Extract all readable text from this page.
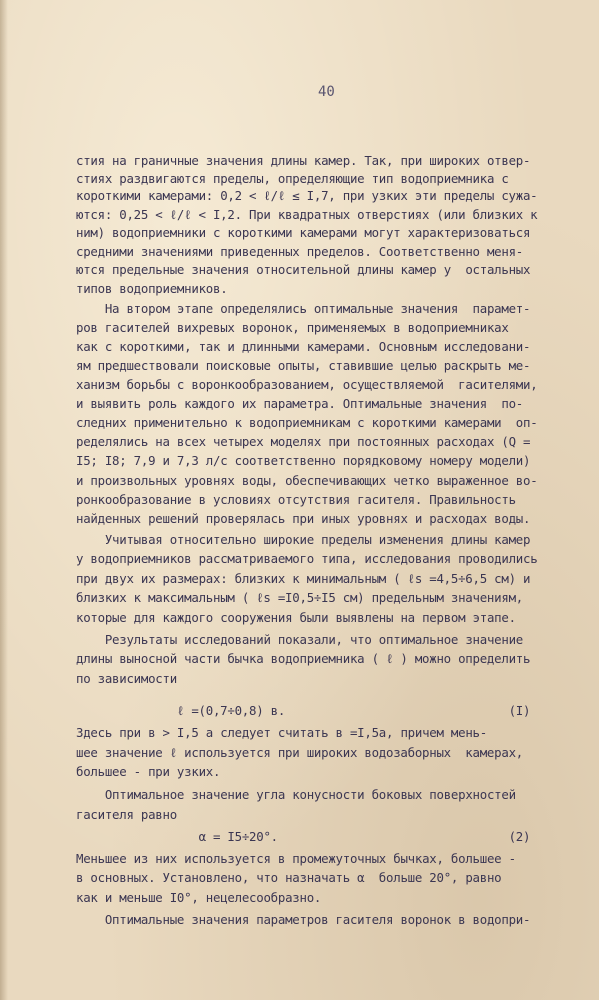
40
стия на граничные значения длины камер. Так, при широких отвер-
стиях раздвигаются пределы, определяющие тип водоприемника с
короткими камерами: 0,2 < ℓ/ℓ ≤ I,7, при узких эти пределы сужа-
ются: 0,25 < ℓ/ℓ < I,2. При квадратных отверстиях (или близких к
ним) водоприемники с короткими камерами могут характеризоваться
средними значениями приведенных пределов. Соответственно меня-
ются предельные значения относительной длины камер у  остальных
типов водоприемников.
На втором этапе определялись оптимальные значения  парамет-
ров гасителей вихревых воронок, применяемых в водоприемниках
как с короткими, так и длинными камерами. Основным исследовани-
ям предшествовали поисковые опыты, ставившие целью раскрыть ме-
ханизм борьбы с воронкообразованием, осуществляемой  гасителями,
и выявить роль каждого их параметра. Оптимальные значения  по-
следних применительно к водоприемникам с короткими камерами  оп-
ределялись на всех четырех моделях при постоянных расходах (Q =
I5; I8; 7,9 и 7,3 л/с соответственно порядковому номеру модели)
и произвольных уровнях воды, обеспечивающих четко выраженное во-
ронкообразование в условиях отсутствия гасителя. Правильность
найденных решений проверялась при иных уровнях и расходах воды.
Учитывая относительно широкие пределы изменения длины камер
у водоприемников рассматриваемого типа, исследования проводились
при двух их размерах: близких к минимальным ( ℓs =4,5÷6,5 см) и
близких к максимальным ( ℓs =I0,5÷I5 см) предельным значениям,
которые для каждого сооружения были выявлены на первом этапе.
Результаты исследований показали, что оптимальное значение
длины выносной части бычка водоприемника ( ℓ ) можно определить
по зависимости
ℓ =(0,7÷0,8) в.                               (I)
Здесь при в > I,5 а следует считать в =I,5а, причем мень-
шее значение ℓ используется при широких водозаборных  камерах,
большее - при узких.
Оптимальное значение угла конусности боковых поверхностей
гасителя равно
α = I5÷20°.                                (2)
Меньшее из них используется в промежуточных бычках, большее -
в основных. Установлено, что назначать α  больше 20°, равно
как и меньше I0°, нецелесообразно.
Оптимальные значения параметров гасителя воронок в водопри-
